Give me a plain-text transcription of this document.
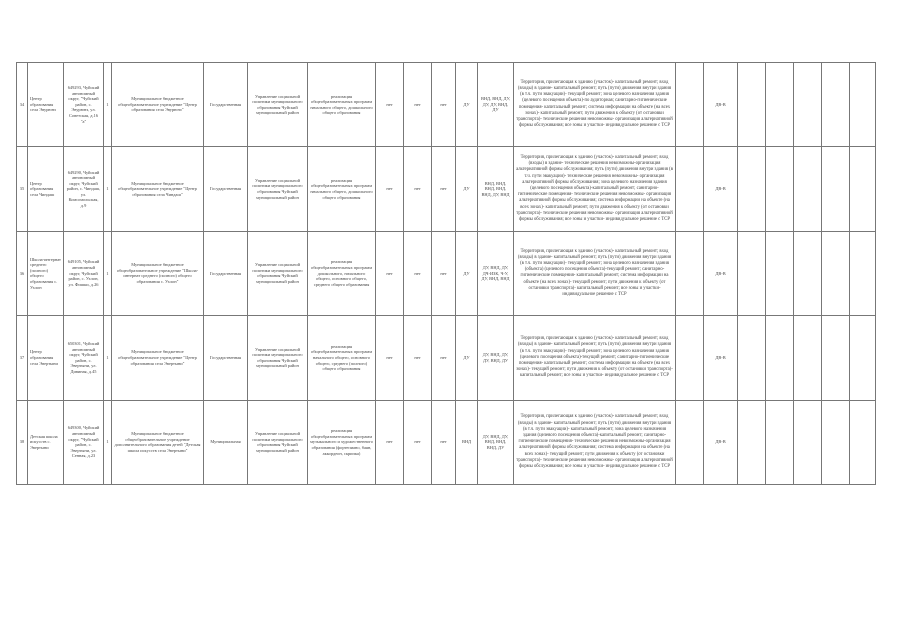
34	Центр образования села Эвурюнэ	649293, Чуйский автономный округ, "Чуйский район, с. Эвурюнэ, ул. Советская, д.16 "a"	1	Муниципальное бюджетное общеобразовательное учреждение "Центр образования села Эвурюнэ"	Государственная	Управление социальной политики муниципального образования Чуйский муниципальный район	реализация общеобразовательных программ начального общего, дошкольного общего образования	нет	нет	нет	ДУ	ВНД, ВНД, ДУ, ДУ, ДУ, ВНД, ДУ	Территория, прилегающая к зданию (участок)- капитальный ремонт; вход (входы) в здание- капитальный ремонт; путь (пути) движения внутри здания (в т.ч. пути эвакуации)- текущий ремонт; зона целевого назначения здания (целевого посещения объекта)-по аудиторная; санитарно-гигиенические помещения- капитальный ремонт; система информации на объекте (на всех зонах)- капитальный ремонт; пути движения к объекту (от остановки транспорта)- технические решения невозможны- организация альтернативной формы обслуживания; все зоны и участки- индивидуальное решение с ТСР		ДВ-В					
35	Центр образования села Чиндаш	649290, Чуйский автономный округ, Чуйский район, с. Чиндаш, ул. Комсомольская, д.9	1	Муниципальное бюджетное общеобразовательное учреждение "Центр образования села Чиндаш"	Государственная	Управление социальной политики муниципального образования Чуйский муниципальный район	реализация общеобразовательных программ начального общего, дошкольного общего образования	нет	нет	нет	ДУ	ВНД, ВНД, ВНД, ВНД, ВНД, ДУ, ВНД	Территория, прилегающая к зданию (участок)- капитальный ремонт; вход (входы) в здание- технические решения невозможны-организация альтернативной формы обслуживания; путь (пути) движения внутри здания (в т.ч. пути эвакуации)- технические решения невозможны- организация альтернативной формы обслуживания; зона целевого назначения здания (целевого посещения объекта)-капитальный ремонт; санитарно-гигиенические помещения- технические решения невозможны- организация альтернативной формы обслуживания; система информации на объекте (на всех зонах)- капитальный ремонт; пути движения к объекту (от остановки транспорта)- технические решения невозможны- организация альтернативной формы обслуживания; все зоны и участки- индивидуальное решение с ТСР		ДВ-В					
36	Школа-интернат среднего (полного) общего образования с. Ухлон	649105, Чуйский автономный округ, Чуйский район, с. Ухлон, ул. Фишки, д.26	1	Муниципальное бюджетное общеобразовательное учреждение "Школа-интернат среднего (полного) общего образования с. Ухлон"	Государственная	Управление социальной политики муниципального образования Чуйский муниципальный район	реализация общеобразовательных программ дошкольного, начального общего, основного общего, среднего общего образования	нет	нет	нет	ДУ	ДУ, ВНД, ДУ, ДЧ-ИЗК, Ч-У, ДУ, ВНД, ВНД	Территория, прилегающая к зданию (участок)- капитальный ремонт; вход (входы) в здание- капитальный ремонт; путь (пути) движения внутри здания (в т.ч. пути эвакуации)- текущий ремонт; зона целевого назначения здания (объекта) (целевого посещения объекта)-текущий ремонт; санитарно-гигиенические помещения- капитальный ремонт; система информации на объекте (на всех зонах)- текущий ремонт; пути движения к объекту (от остановки транспорта)- капитальный ремонт; все зоны и участки- индивидуальное решение с ТСР		ДВ-В					
37	Центр образования села Эвертыни	650301, Чуйский автономный округ, Чуйский район, с. Эвертыни, ул. Дивиная, д.45	1	Муниципальное бюджетное общеобразовательное учреждение "Центр образования села Эвертыни"	Государственная	Управление социальной политики муниципального образования Чуйский муниципальный район	реализация общеобразовательных программ начального общего, основного общего, среднего (полного) общего образования	нет	нет	нет	ДУ	ДУ, ВНД, ДУ, ДУ, ВНД, ДУ	Территория, прилегающая к зданию (участок)- капитальный ремонт; вход (входы) в здание- капитальный ремонт; путь (пути) движения внутри здания (в т.ч. пути эвакуации)- текущий ремонт; зона целевого назначения здания (целевого посещения объекта)-текущий ремонт; санитарно-гигиенические помещения- капитальный ремонт; система информации на объекте (на всех зонах)- текущий ремонт; пути движения к объекту (от остановки транспорта)- капитальный ремонт; все зоны и участки- индивидуальное решение с ТСР		ДВ-В					
38	Детская школа искусств с. Эвертыни	649300, Чуйский автономный округ, "Чуйский район, с. Эвертыни, ул. Сенная, д.23	1	Муниципальное бюджетное общеобразовательное учреждение дополнительного образования детей "Детская школа искусств села Эвертыни"	Муниципальная	Управление социальной политики муниципального образования Чуйский муниципальный район	реализация общеобразовательных программ музыкального и художественного образования (фортепиано, баян, аккордеон, скрипка)	нет	нет	нет	ВНД	ДУ, ВНД, ДУ, ВНД, ВНД, ВНД, ДУ	Территория, прилегающая к зданию (участок)- капитальный ремонт; вход (входы) в здание- капитальный ремонт; путь (пути) движения внутри здания (в т.ч. пути эвакуации)- капитальный ремонт; зона целевого назначения здания (целевого посещения объекта)-капитальный ремонт; санитарно-гигиенические помещения- технические решения невозможны-организация альтернативной формы обслуживания; система информации на объекте (на всех зонах)- текущий ремонт; пути движения к объекту (от остановки транспорта)- технические решения невозможны- организация альтернативной формы обслуживания; все зоны и участки- индивидуальное решение с ТСР		ДВ-В					
